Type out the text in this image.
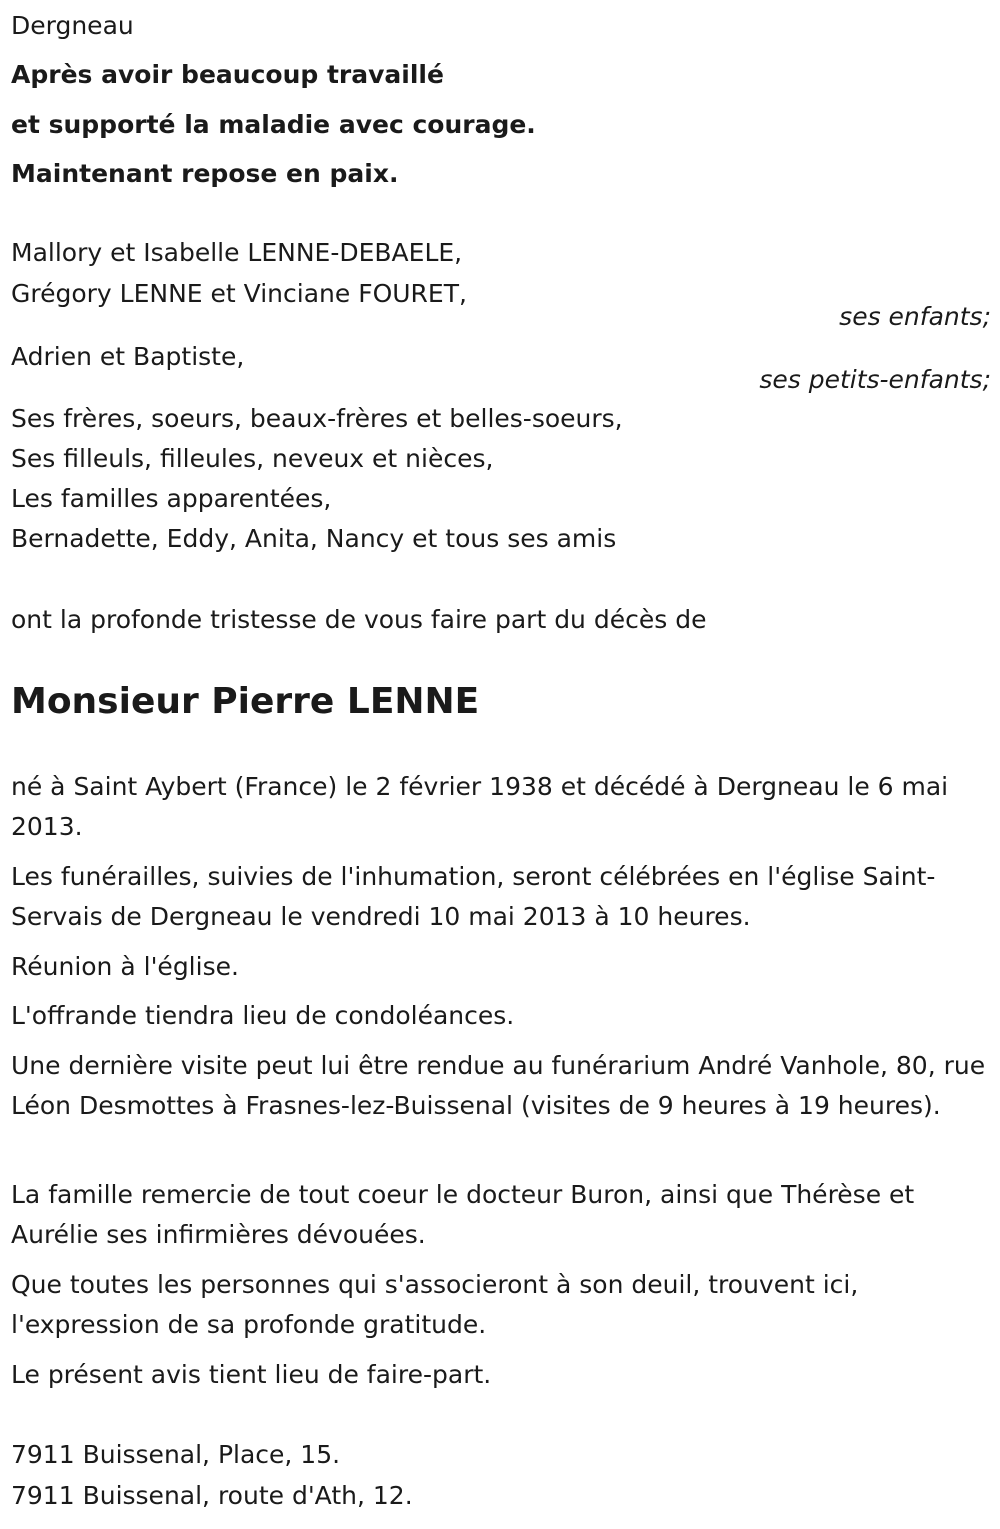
Dergneau
Après avoir beaucoup travaillé
et supporté la maladie avec courage.
Maintenant repose en paix.
Mallory et Isabelle LENNE-DEBAELE,
Grégory LENNE et Vinciane FOURET,
ses enfants;
Adrien et Baptiste,
ses petits-enfants;
Ses frères, soeurs, beaux-frères et belles-soeurs,
Ses filleuls, filleules, neveux et nièces,
Les familles apparentées,
Bernadette, Eddy, Anita, Nancy et tous ses amis
ont la profonde tristesse de vous faire part du décès de
Monsieur Pierre LENNE
né à Saint Aybert (France) le 2 février 1938 et décédé à Dergneau le 6 mai 2013.
Les funérailles, suivies de l'inhumation, seront célébrées en l'église Saint-Servais de Dergneau le vendredi 10 mai 2013 à 10 heures.
Réunion à l'église.
L'offrande tiendra lieu de condoléances.
Une dernière visite peut lui être rendue au funérarium André Vanhole, 80, rue Léon Desmottes à Frasnes-lez-Buissenal (visites de 9 heures à 19 heures).
La famille remercie de tout coeur le docteur Buron, ainsi que Thérèse et Aurélie ses infirmières dévouées.
Que toutes les personnes qui s'associeront à son deuil, trouvent ici, l'expression de sa profonde gratitude.
Le présent avis tient lieu de faire-part.
7911 Buissenal, Place, 15.
7911 Buissenal, route d'Ath, 12.
